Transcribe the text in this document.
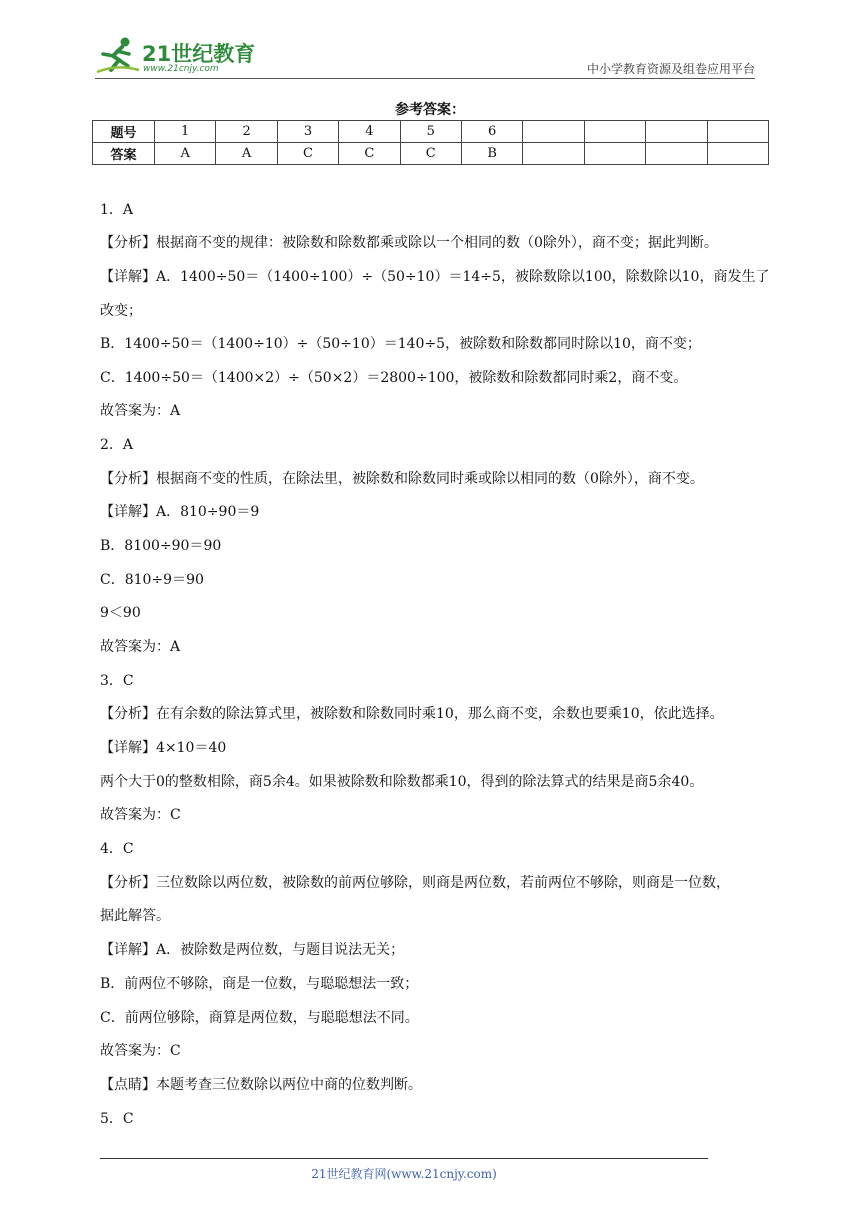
21世纪教育
www.21cnjy.com	中小学教育资源及组卷应用平台
参考答案：
题号	1	2	3	4	5	6				
答案	A	A	C	C	C	B				
1．A
【分析】根据商不变的规律：被除数和除数都乘或除以一个相同的数（0除外），商不变；据此判断。
【详解】A．1400÷50＝（1400÷100）÷（50÷10）＝14÷5，被除数除以100，除数除以10，商发生了
改变；
B．1400÷50＝（1400÷10）÷（50÷10）＝140÷5，被除数和除数都同时除以10，商不变；
C．1400÷50＝（1400×2）÷（50×2）＝2800÷100，被除数和除数都同时乘2，商不变。
故答案为：A
2．A
【分析】根据商不变的性质，在除法里，被除数和除数同时乘或除以相同的数（0除外），商不变。
【详解】A．810÷90＝9
B．8100÷90＝90
C．810÷9＝90
9＜90
故答案为：A
3．C
【分析】在有余数的除法算式里，被除数和除数同时乘10，那么商不变，余数也要乘10，依此选择。
【详解】4×10＝40
两个大于0的整数相除，商5余4。如果被除数和除数都乘10，得到的除法算式的结果是商5余40。
故答案为：C
4．C
【分析】三位数除以两位数，被除数的前两位够除，则商是两位数，若前两位不够除，则商是一位数，
据此解答。
【详解】A．被除数是两位数，与题目说法无关；
B．前两位不够除，商是一位数，与聪聪想法一致；
C．前两位够除，商算是两位数，与聪聪想法不同。
故答案为：C
【点睛】本题考查三位数除以两位中商的位数判断。
5．C
21世纪教育网(www.21cnjy.com)
